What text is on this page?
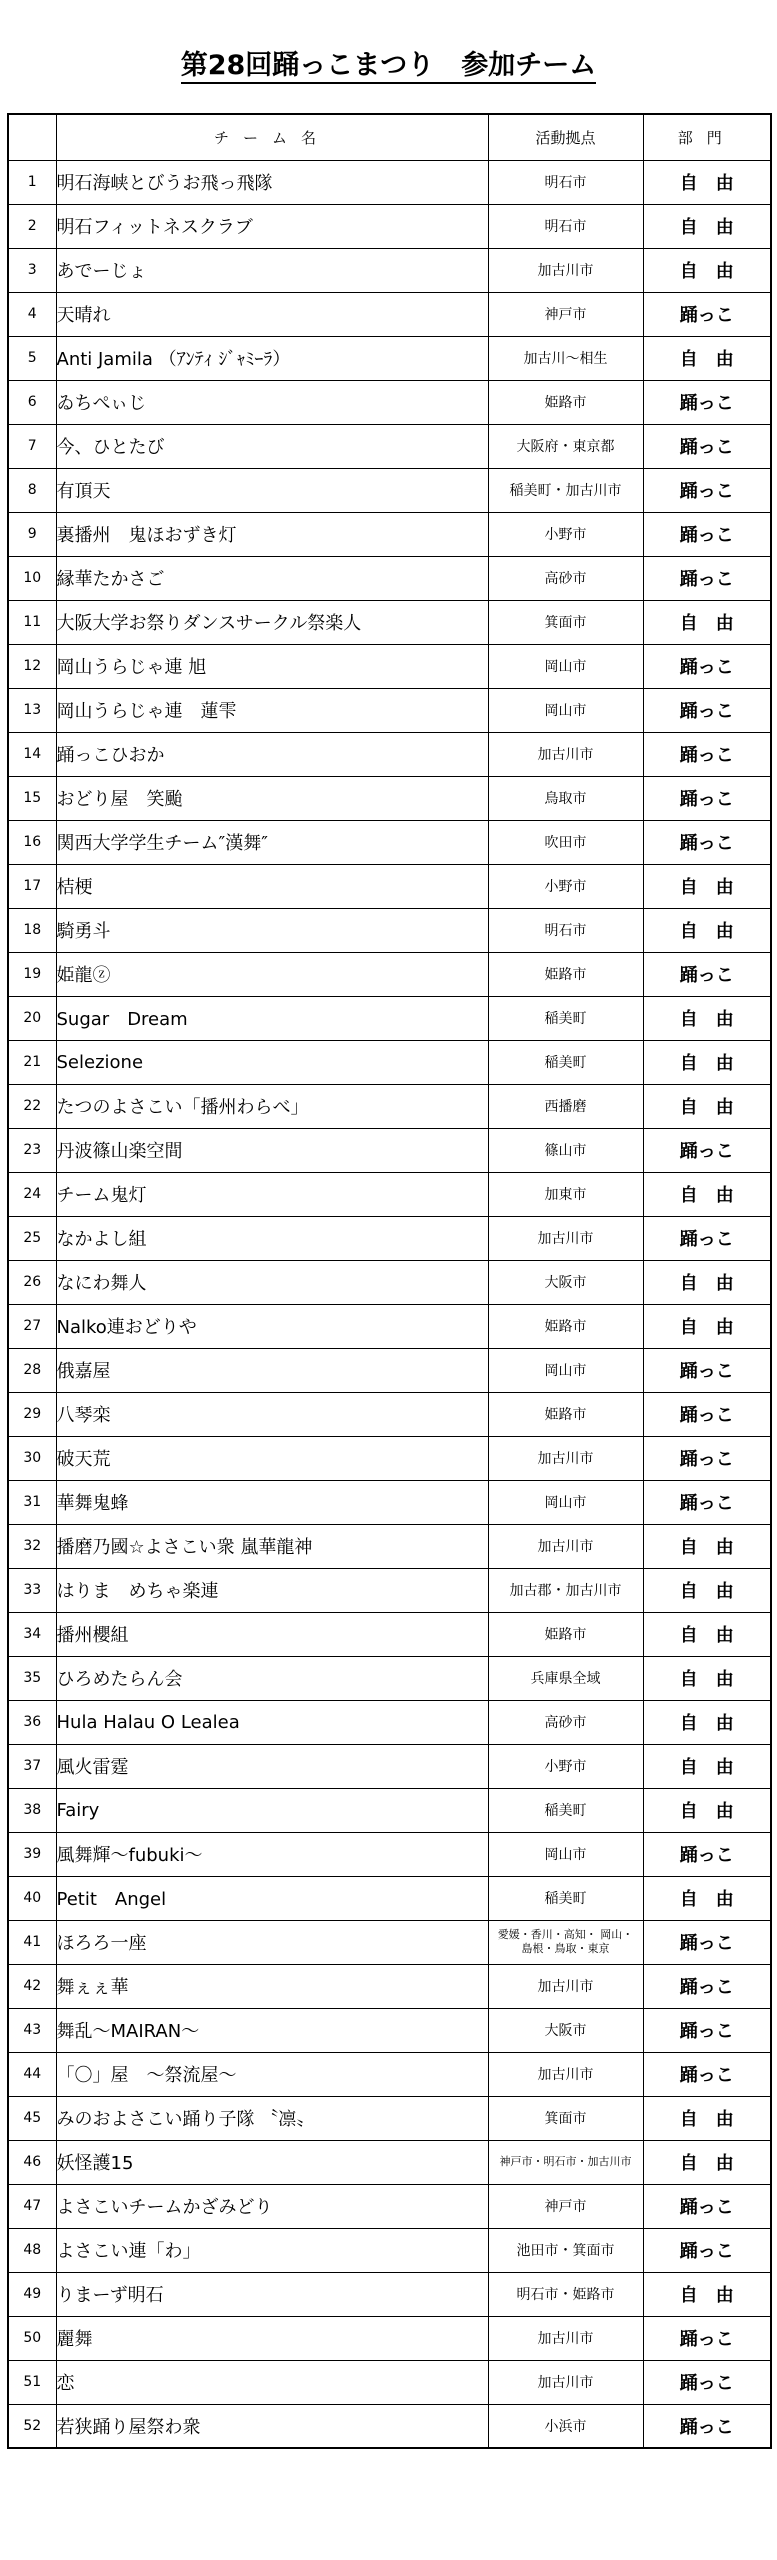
第28回踊っこまつり　参加チーム
	チーム名	活動拠点	部門
1	明石海峡とびうお飛っ飛隊	明石市	自　由
2	明石フィットネスクラブ	明石市	自　由
3	あでーじょ	加古川市	自　由
4	天晴れ	神戸市	踊っこ
5	Anti Jamila （ｱﾝﾃｨ ｼﾞｬﾐｰﾗ）	加古川～相生	自　由
6	ゐちぺぃじ	姫路市	踊っこ
7	今、ひとたび	大阪府・東京都	踊っこ
8	有頂天	稲美町・加古川市	踊っこ
9	裏播州　鬼ほおずき灯	小野市	踊っこ
10	縁華たかさご	高砂市	踊っこ
11	大阪大学お祭りダンスサークル祭楽人	箕面市	自　由
12	岡山うらじゃ連 旭	岡山市	踊っこ
13	岡山うらじゃ連　蓮雫	岡山市	踊っこ
14	踊っこひおか	加古川市	踊っこ
15	おどり屋　笑颱	鳥取市	踊っこ
16	関西大学学生チーム″漢舞″	吹田市	踊っこ
17	桔梗	小野市	自　由
18	騎勇斗	明石市	自　由
19	姫龍ⓩ	姫路市	踊っこ
20	Sugar　Dream	稲美町	自　由
21	Selezione	稲美町	自　由
22	たつのよさこい「播州わらべ」	西播磨	自　由
23	丹波篠山楽空間	篠山市	踊っこ
24	チーム鬼灯	加東市	自　由
25	なかよし組	加古川市	踊っこ
26	なにわ舞人	大阪市	自　由
27	Nalko連おどりや	姫路市	自　由
28	俄嘉屋	岡山市	踊っこ
29	八琴栾	姫路市	踊っこ
30	破天荒	加古川市	踊っこ
31	華舞鬼蜂	岡山市	踊っこ
32	播磨乃國☆よさこい衆 嵐華龍神	加古川市	自　由
33	はりま　めちゃ楽連	加古郡・加古川市	自　由
34	播州櫻組	姫路市	自　由
35	ひろめたらん会	兵庫県全域	自　由
36	Hula Halau O Lealea	高砂市	自　由
37	風火雷霆	小野市	自　由
38	Fairy	稲美町	自　由
39	風舞輝～fubuki～	岡山市	踊っこ
40	Petit　Angel	稲美町	自　由
41	ほろろ一座	愛媛・香川・高知・ 岡山・島根・鳥取・東京	踊っこ
42	舞ぇぇ華	加古川市	踊っこ
43	舞乱～MAIRAN～	大阪市	踊っこ
44	「〇」屋　～祭流屋～	加古川市	踊っこ
45	みのおよさこい踊り子隊 〝凛〟	箕面市	自　由
46	妖怪護15	神戸市・明石市・加古川市	自　由
47	よさこいチームかざみどり	神戸市	踊っこ
48	よさこい連「わ」	池田市・箕面市	踊っこ
49	りまーず明石	明石市・姫路市	自　由
50	麗舞	加古川市	踊っこ
51	恋	加古川市	踊っこ
52	若狭踊り屋祭わ衆	小浜市	踊っこ
